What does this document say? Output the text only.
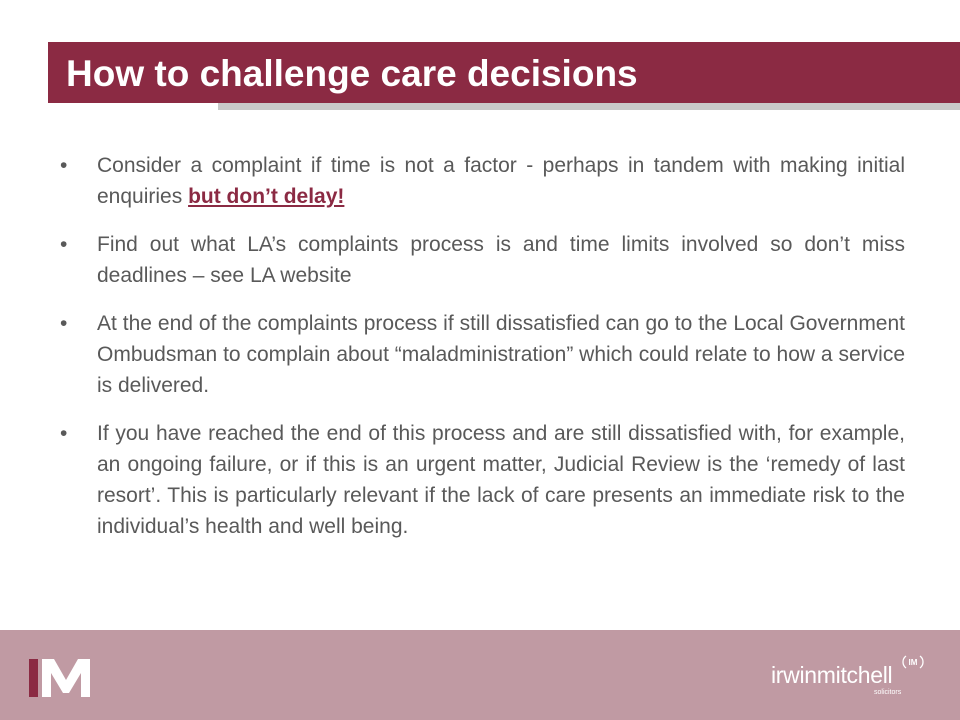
How to challenge care decisions
• Consider a complaint if time is not a factor - perhaps in tandem with making initial enquiries but don’t delay!
• Find out what LA’s complaints process is and time limits involved so don’t miss deadlines – see LA website
• At the end of the complaints process if still dissatisfied can go to the Local Government Ombudsman to complain about “maladministration” which could relate to how a service is delivered.
• If you have reached the end of this process and are still dissatisfied with, for example, an ongoing failure, or if this is an urgent matter, Judicial Review is the ‘remedy of last resort’. This is particularly relevant if the lack of care presents an immediate risk to the individual’s health and well being.
irwinmitchell
solicitors
IM
